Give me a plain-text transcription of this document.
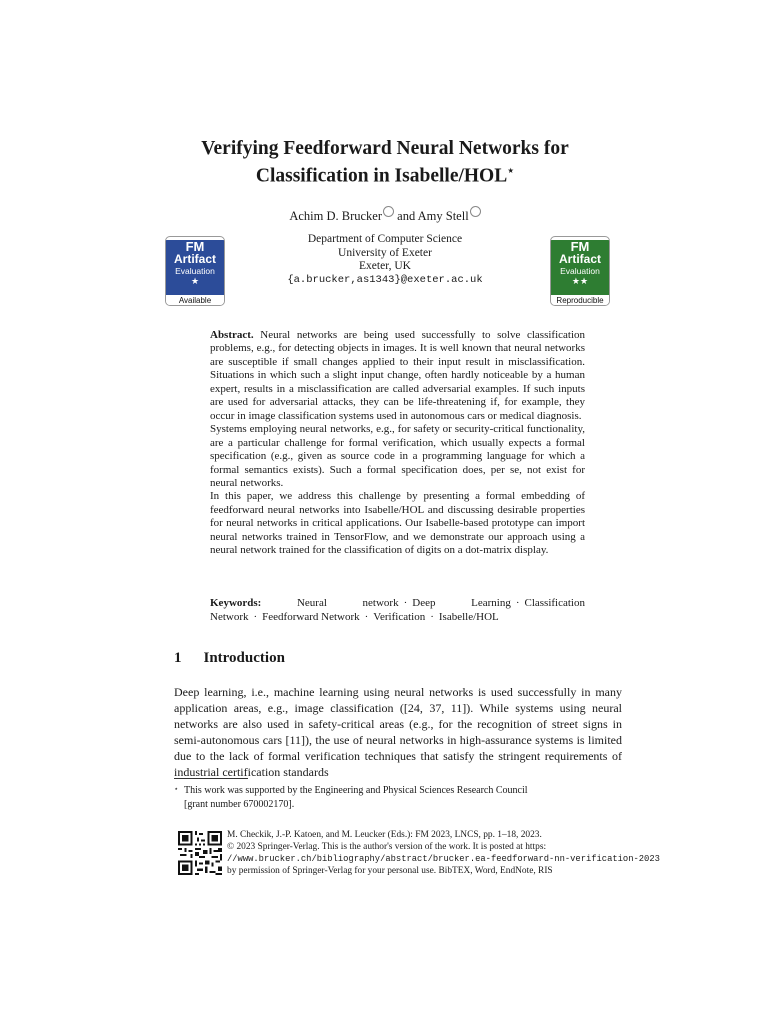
Verifying Feedforward Neural Networks for
Classification in Isabelle/HOL⋆
Achim D. Brucker and Amy Stell
Department of Computer Science
University of Exeter
Exeter, UK
{a.brucker,as1343}@exeter.ac.uk
FM
Artifact
Evaluation
★
Available
FM
Artifact
Evaluation
★★
Reproducible

Abstract. Neural networks are being used successfully to solve classification problems, e.g., for detecting objects in images. It is well known that neural networks are susceptible if small changes applied to their input result in misclassification. Situations in which such a slight input change, often hardly noticeable by a human expert, results in a misclassification are called adversarial examples. If such inputs are used for adversarial attacks, they can be life-threatening if, for example, they occur in image classification systems used in autonomous cars or medical diagnosis.

Systems employing neural networks, e.g., for safety or security-critical functionality, are a particular challenge for formal verification, which usually expects a formal specification (e.g., given as source code in a programming language for which a formal semantics exists). Such a formal specification does, per se, not exist for neural networks.

In this paper, we address this challenge by presenting a formal embedding of feedforward neural networks into Isabelle/HOL and discussing desirable properties for neural networks in critical applications. Our Isabelle-based prototype can import neural networks trained in TensorFlow, and we demonstrate our approach using a neural network trained for the classification of digits on a dot-matrix display.

Keywords:	Neural network · Deep Learning · Classification Network · Feedforward Network · Verification · Isabelle/HOL
1 Introduction
Deep learning, i.e., machine learning using neural networks is used successfully in many application areas, e.g., image classification ([24, 37, 11]). While systems using neural networks are also used in safety-critical areas (e.g., for the recognition of street signs in semi-autonomous cars [11]), the use of neural networks in high-assurance systems is limited due to the lack of formal verification techniques that satisfy the stringent requirements of industrial certification standards
⋆ This work was supported by the Engineering and Physical Sciences Research Council
[grant number 670002170].
M. Checkik, J.-P. Katoen, and M. Leucker (Eds.): FM 2023, LNCS, pp. 1–18, 2023.
© 2023 Springer-Verlag. This is the author's version of the work. It is posted at https:
//www.brucker.ch/bibliography/abstract/brucker.ea-feedforward-nn-verification-2023
by permission of Springer-Verlag for your personal use. BibTEX, Word, EndNote, RIS
